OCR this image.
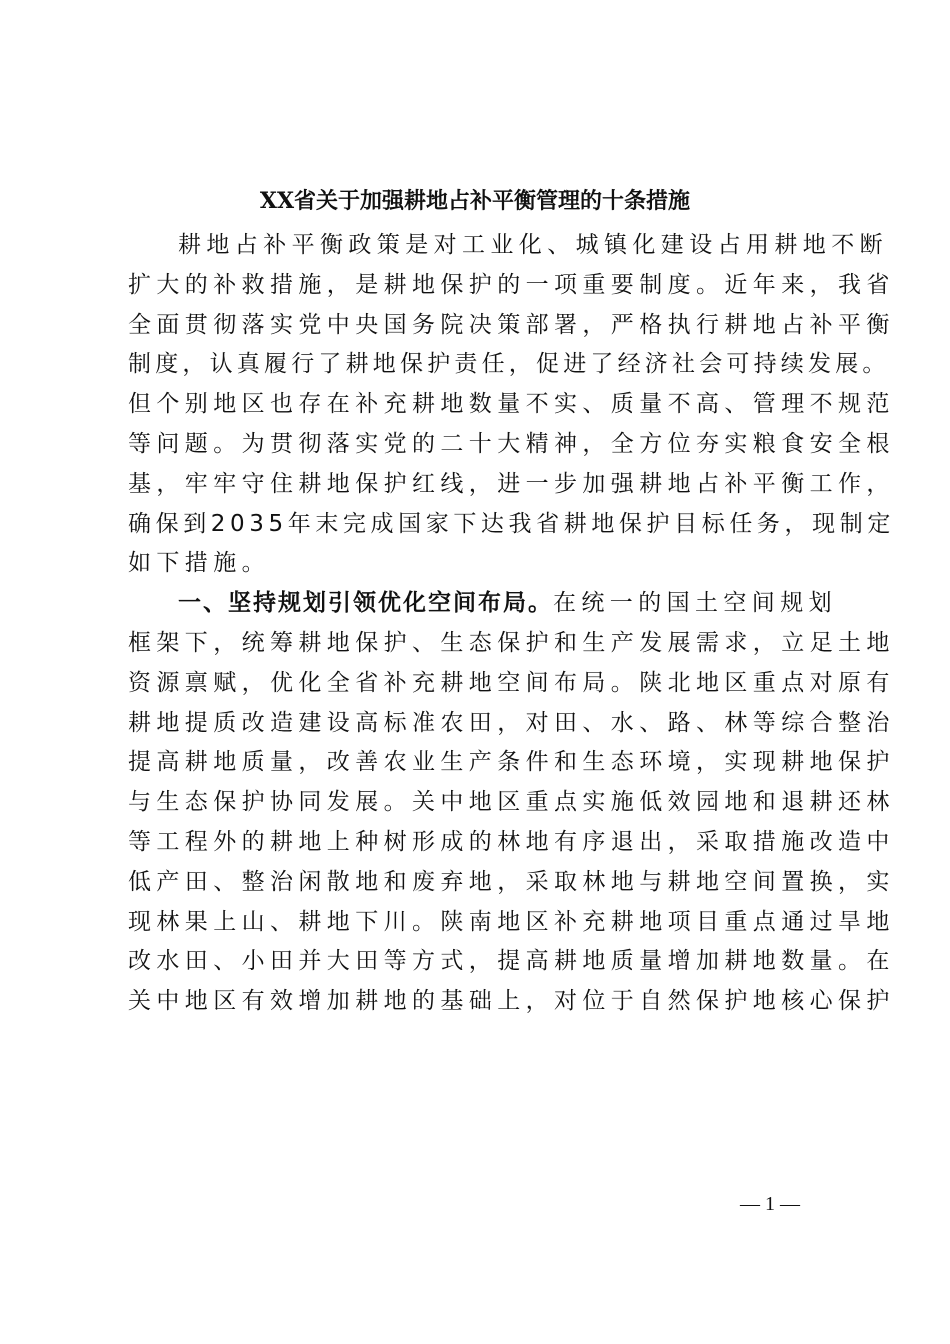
XX省关于加强耕地占补平衡管理的十条措施
耕地占补平衡政策是对工业化、城镇化建设占用耕地不断
扩大的补救措施，是耕地保护的一项重要制度。近年来，我省
全面贯彻落实党中央国务院决策部署，严格执行耕地占补平衡
制度，认真履行了耕地保护责任，促进了经济社会可持续发展。
但个别地区也存在补充耕地数量不实、质量不高、管理不规范
等问题。为贯彻落实党的二十大精神，全方位夯实粮食安全根
基，牢牢守住耕地保护红线，进一步加强耕地占补平衡工作，
确保到2035年末完成国家下达我省耕地保护目标任务，现制定
如下措施。
一、坚持规划引领优化空间布局。在统一的国土空间规划
框架下，统筹耕地保护、生态保护和生产发展需求，立足土地
资源禀赋，优化全省补充耕地空间布局。陕北地区重点对原有
耕地提质改造建设高标准农田，对田、水、路、林等综合整治
提高耕地质量，改善农业生产条件和生态环境，实现耕地保护
与生态保护协同发展。关中地区重点实施低效园地和退耕还林
等工程外的耕地上种树形成的林地有序退出，采取措施改造中
低产田、整治闲散地和废弃地，采取林地与耕地空间置换，实
现林果上山、耕地下川。陕南地区补充耕地项目重点通过旱地
改水田、小田并大田等方式，提高耕地质量增加耕地数量。在
关中地区有效增加耕地的基础上，对位于自然保护地核心保护
— 1 —
